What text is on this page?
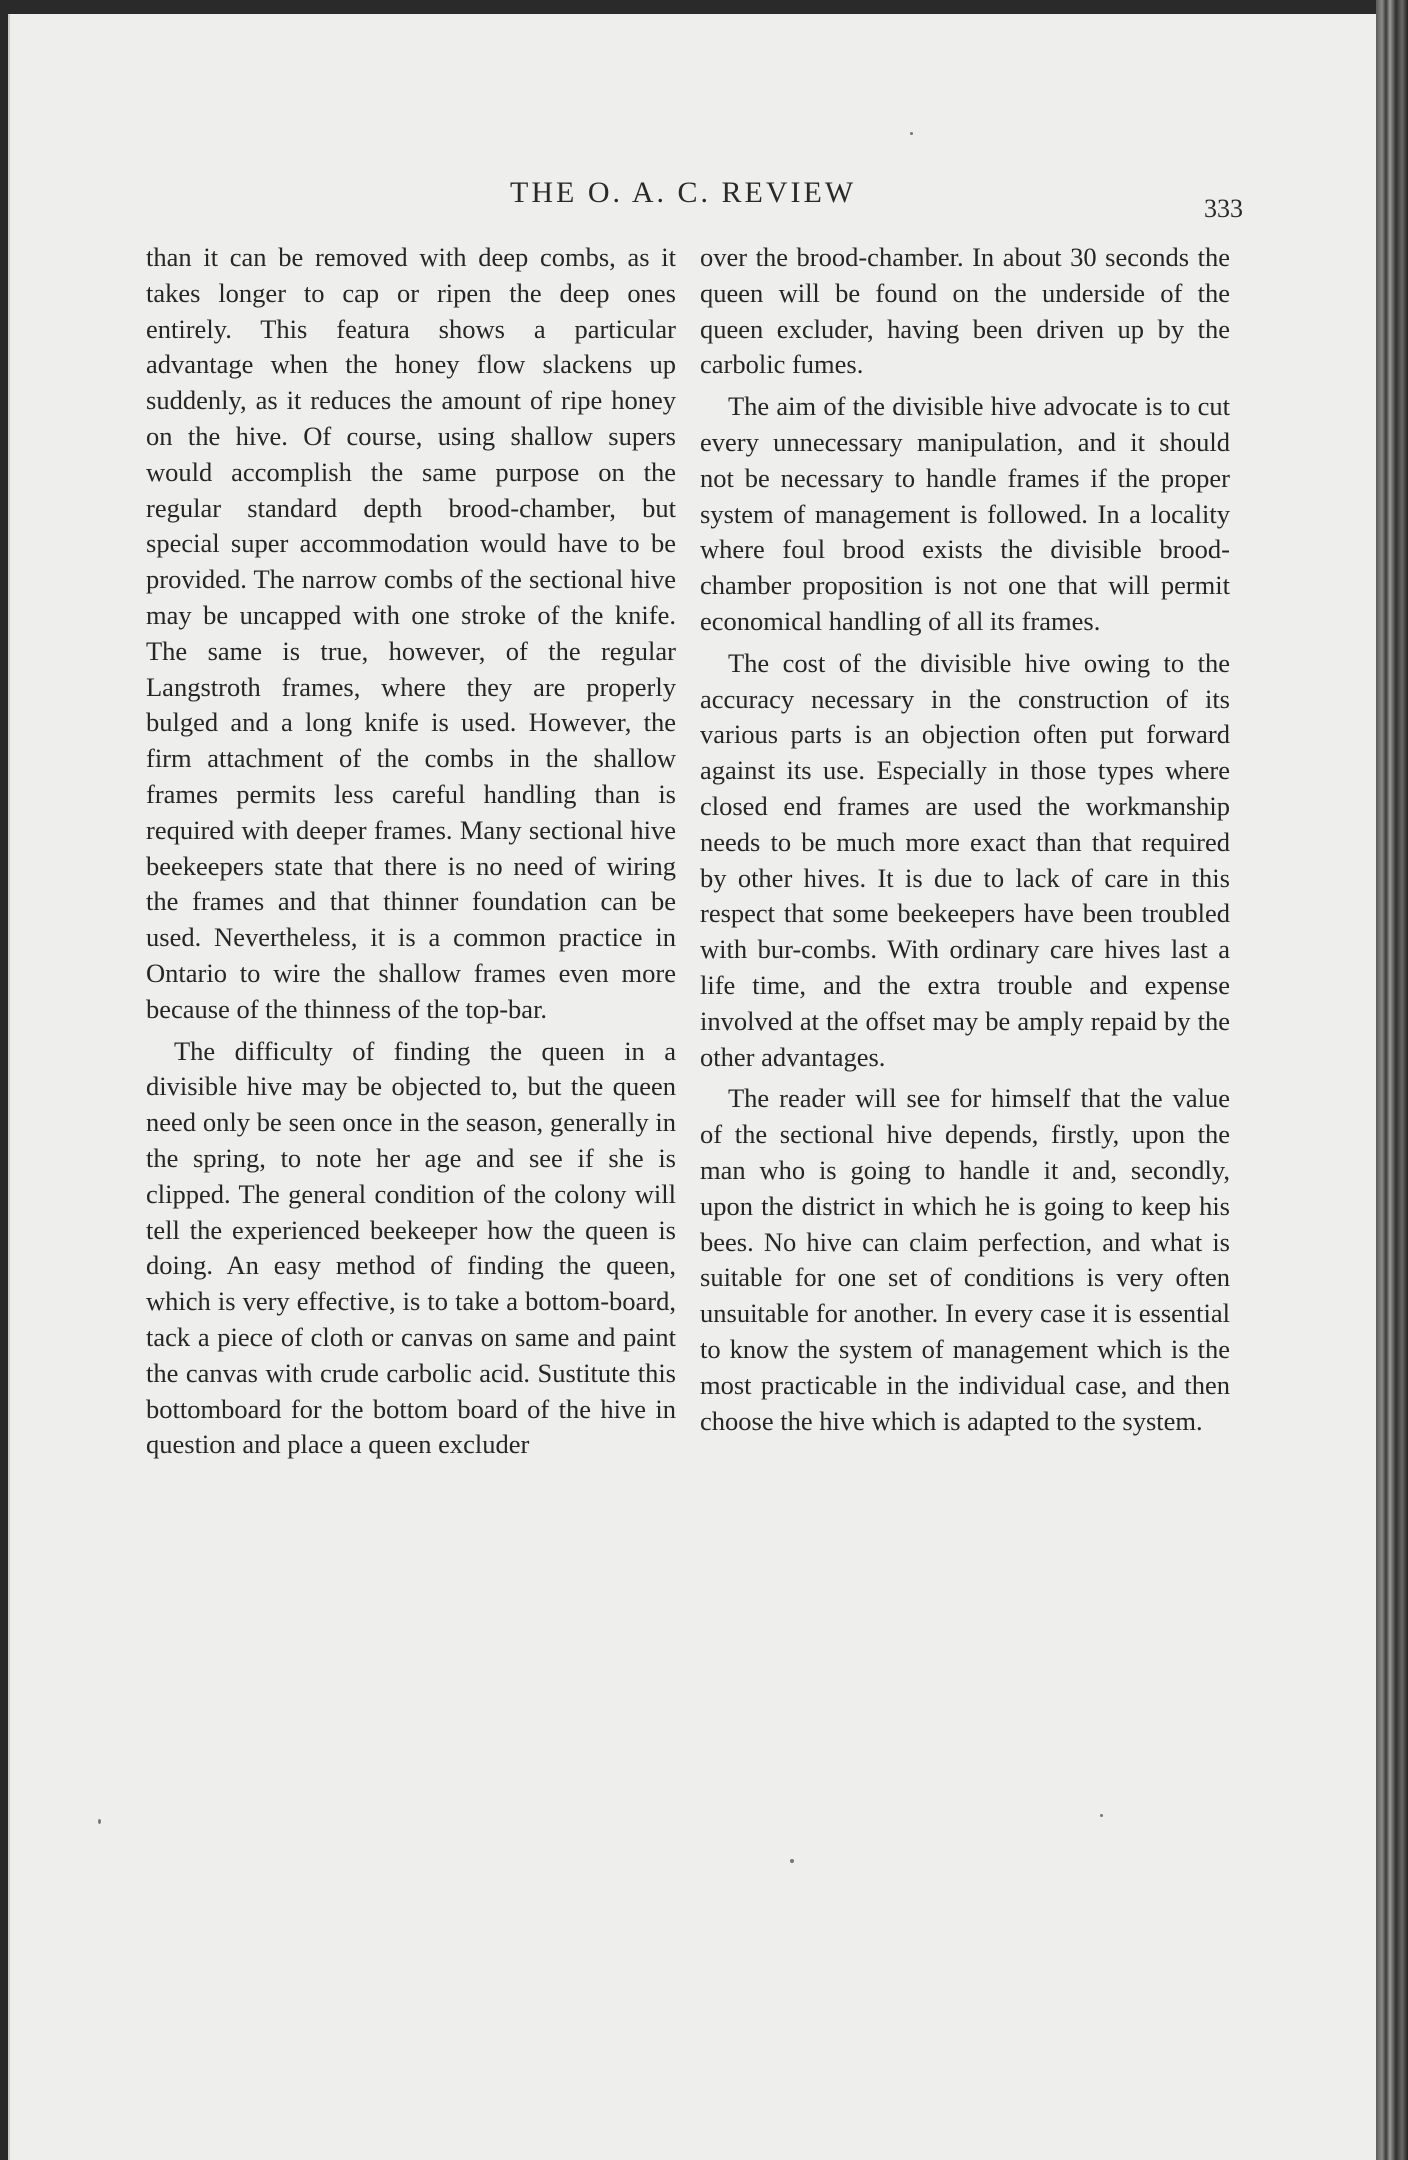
THE O. A. C. REVIEW	333

than it can be removed with deep combs, as it takes longer to cap or ripen the deep ones entirely. This featura shows a particular advantage when the honey flow slackens up suddenly, as it reduces the amount of ripe honey on the hive. Of course, using shallow supers would accomplish the same purpose on the regular standard depth brood-chamber, but special super accommodation would have to be provided. The narrow combs of the sectional hive may be uncapped with one stroke of the knife. The same is true, however, of the regular Langstroth frames, where they are properly bulged and a long knife is used. However, the firm attachment of the combs in the shallow frames permits less careful handling than is required with deeper frames. Many sectional hive beekeepers state that there is no need of wiring the frames and that thinner foundation can be used. Nevertheless, it is a common practice in Ontario to wire the shallow frames even more because of the thinness of the top-bar.

The difficulty of finding the queen in a divisible hive may be objected to, but the queen need only be seen once in the season, generally in the spring, to note her age and see if she is clipped. The general condition of the colony will tell the experienced beekeeper how the queen is doing. An easy method of finding the queen, which is very effective, is to take a bottom-board, tack a piece of cloth or canvas on same and paint the canvas with crude carbolic acid. Sustitute this bottomboard for the bottom board of the hive in question and place a queen excluder

over the brood-chamber. In about 30 seconds the queen will be found on the underside of the queen excluder, having been driven up by the carbolic fumes.

The aim of the divisible hive advocate is to cut every unnecessary manipulation, and it should not be necessary to handle frames if the proper system of management is followed. In a locality where foul brood exists the divisible brood-chamber proposition is not one that will permit economical handling of all its frames.

The cost of the divisible hive owing to the accuracy necessary in the construction of its various parts is an objection often put forward against its use. Especially in those types where closed end frames are used the workmanship needs to be much more exact than that required by other hives. It is due to lack of care in this respect that some beekeepers have been troubled with bur-combs. With ordinary care hives last a life time, and the extra trouble and expense involved at the offset may be amply repaid by the other advantages.

The reader will see for himself that the value of the sectional hive depends, firstly, upon the man who is going to handle it and, secondly, upon the district in which he is going to keep his bees. No hive can claim perfection, and what is suitable for one set of conditions is very often unsuitable for another. In every case it is essential to know the system of management which is the most practicable in the individual case, and then choose the hive which is adapted to the system.
